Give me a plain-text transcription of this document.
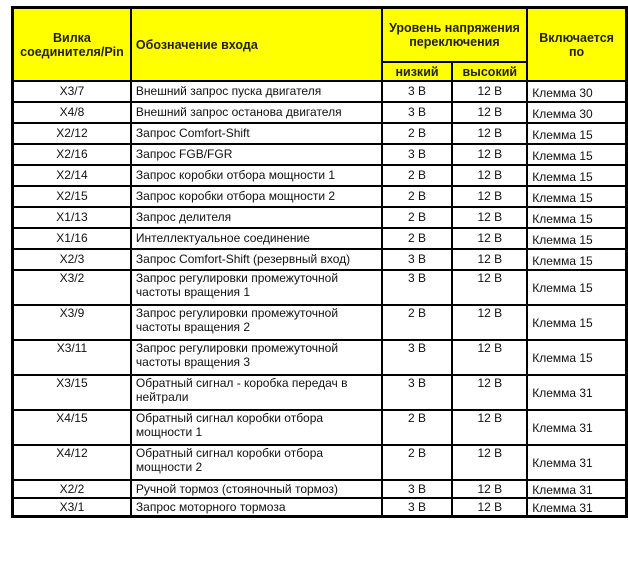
Вилка соединителя/Pin	Обозначение входа	Уровень напряжения переключения		Включается по
		низкий	высокий	
X3/7	Внешний запрос пуска двигателя	3 В	12 В	Клемма 30
X4/8	Внешний запрос останова двигателя	3 В	12 В	Клемма 30
X2/12	Запрос Comfort-Shift	2 В	12 В	Клемма 15
X2/16	Запрос FGB/FGR	3 В	12 В	Клемма 15
X2/14	Запрос коробки отбора мощности 1	2 В	12 В	Клемма 15
X2/15	Запрос коробки отбора мощности 2	2 В	12 В	Клемма 15
X1/13	Запрос делителя	2 В	12 В	Клемма 15
X1/16	Интеллектуальное соединение	2 В	12 В	Клемма 15
X2/3	Запрос Comfort-Shift (резервный вход)	3 В	12 В	Клемма 15
X3/2	Запрос регулировки промежуточной частоты вращения 1	3 В	12 В	Клемма 15
X3/9	Запрос регулировки промежуточной частоты вращения 2	2 В	12 В	Клемма 15
X3/11	Запрос регулировки промежуточной частоты вращения 3	3 В	12 В	Клемма 15
X3/15	Обратный сигнал - коробка передач в нейтрали	3 В	12 В	Клемма 31
X4/15	Обратный сигнал коробки отбора мощности 1	2 В	12 В	Клемма 31
X4/12	Обратный сигнал коробки отбора мощности 2	2 В	12 В	Клемма 31
X2/2	Ручной тормоз (стояночный тормоз)	3 В	12 В	Клемма 31
X3/1	Запрос моторного тормоза	3 В	12 В	Клемма 31
